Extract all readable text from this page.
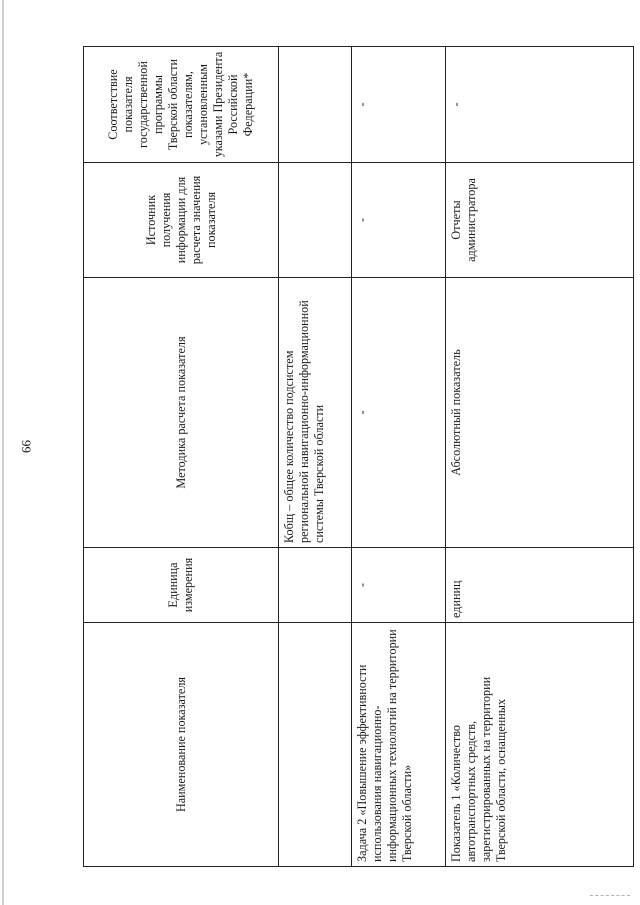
99
Наименование показателя	Единица измерения	Методика расчета показателя	Источник получения информации для расчета значения показателя	Соответствие показателя государственной программы Тверской области показателям, установленным указами Президента Российской Федерации*
		Кобщ – общее количество подсистем региональной навигационно-информационной системы Тверской области		
Задача 2 «Повышение эффективности использования навигационно-информационных технологий на территории Тверской области»	-	-	-	-
Показатель 1 «Количество автотранспортных средств, зарегистрированных на территории Тверской области, оснащенных	единиц	Абсолютный показатель	Отчеты администратора	-
